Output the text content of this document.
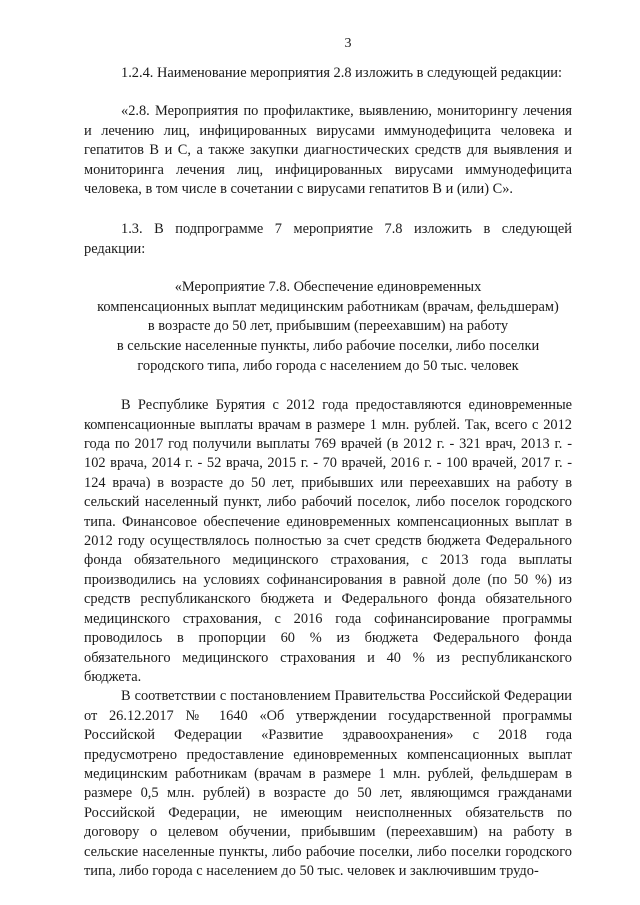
3

1.2.4. Наименование мероприятия 2.8 изложить в следующей редакции:

«2.8. Мероприятия по профилактике, выявлению, мониторингу лечения и лечению лиц, инфицированных вирусами иммунодефицита человека и гепатитов В и С, а также закупки диагностических средств для выявления и мониторинга лечения лиц, инфицированных вирусами иммунодефицита человека, в том числе в сочетании с вирусами гепатитов В и (или) С».

1.3. В подпрограмме 7 мероприятие 7.8 изложить в следующей редакции:

«Мероприятие 7.8. Обеспечение единовременных
компенсационных выплат медицинским работникам (врачам, фельдшерам)
в возрасте до 50 лет, прибывшим (переехавшим) на работу
в сельские населенные пункты, либо рабочие поселки, либо поселки
городского типа, либо города с населением до 50 тыс. человек

В Республике Бурятия с 2012 года предоставляются единовременные компенсационные выплаты врачам в размере 1 млн. рублей. Так, всего с 2012 года по 2017 год получили выплаты 769 врачей (в 2012 г. - 321 врач, 2013 г. - 102 врача, 2014 г. - 52 врача, 2015 г. - 70 врачей, 2016 г. - 100 врачей, 2017 г. - 124 врача) в возрасте до 50 лет, прибывших или переехавших на работу в сельский населенный пункт, либо рабочий поселок, либо поселок городского типа. Финансовое обеспечение единовременных компенсационных выплат в 2012 году осуществлялось полностью за счет средств бюджета Федерального фонда обязательного медицинского страхования, с 2013 года выплаты производились на условиях софинансирования в равной доле (по 50 %) из средств республиканского бюджета и Федерального фонда обязательного медицинского страхования, с 2016 года софинансирование программы проводилось в пропорции 60 % из бюджета Федерального фонда обязательного медицинского страхования и 40 % из республиканского бюджета.

В соответствии с постановлением Правительства Российской Федерации от 26.12.2017 № 1640 «Об утверждении государственной программы Российской Федерации «Развитие здравоохранения» с 2018 года предусмотрено предоставление единовременных компенсационных выплат медицинским работникам (врачам в размере 1 млн. рублей, фельдшерам в размере 0,5 млн. рублей) в возрасте до 50 лет, являющимся гражданами Российской Федерации, не имеющим неисполненных обязательств по договору о целевом обучении, прибывшим (переехавшим) на работу в сельские населенные пункты, либо рабочие поселки, либо поселки городского типа, либо города с населением до 50 тыс. человек и заключившим трудо-
